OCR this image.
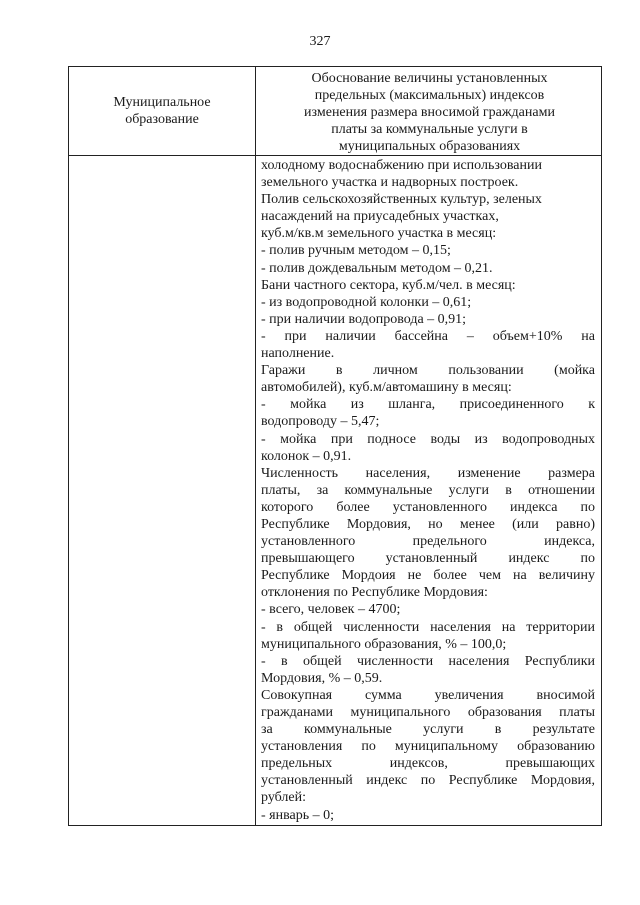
327
Муниципальное
образование
Обоснование величины установленных
предельных (максимальных) индексов
изменения размера вносимой гражданами
платы за коммунальные услуги в
муниципальных образованиях
холодному водоснабжению при использовании
земельного участка и надворных построек.
Полив сельскохозяйственных культур, зеленых
насаждений на приусадебных участках,
куб.м/кв.м земельного участка в месяц:
- полив ручным методом – 0,15;
- полив дождевальным методом – 0,21.
Бани частного сектора, куб.м/чел. в месяц:
- из водопроводной колонки – 0,61;
- при наличии водопровода – 0,91;
- при наличии бассейна – объем+10% на
наполнение.
Гаражи в личном пользовании (мойка
автомобилей), куб.м/автомашину в месяц:
- мойка из шланга, присоединенного к
водопроводу – 5,47;
- мойка при подносе воды из водопроводных
колонок – 0,91.
Численность населения, изменение размера
платы, за коммунальные услуги в отношении
которого более установленного индекса по
Республике Мордовия, но менее (или равно)
установленного предельного индекса,
превышающего установленный индекс по
Республике Мордоия не более чем на величину
отклонения по Республике Мордовия:
- всего, человек – 4700;
- в общей численности населения на территории
муниципального образования, % – 100,0;
- в общей численности населения Республики
Мордовия, % – 0,59.
Совокупная сумма увеличения вносимой
гражданами муниципального образования платы
за коммунальные услуги в результате
установления по муниципальному образованию
предельных индексов, превышающих
установленный индекс по Республике Мордовия,
рублей:
- январь – 0;
